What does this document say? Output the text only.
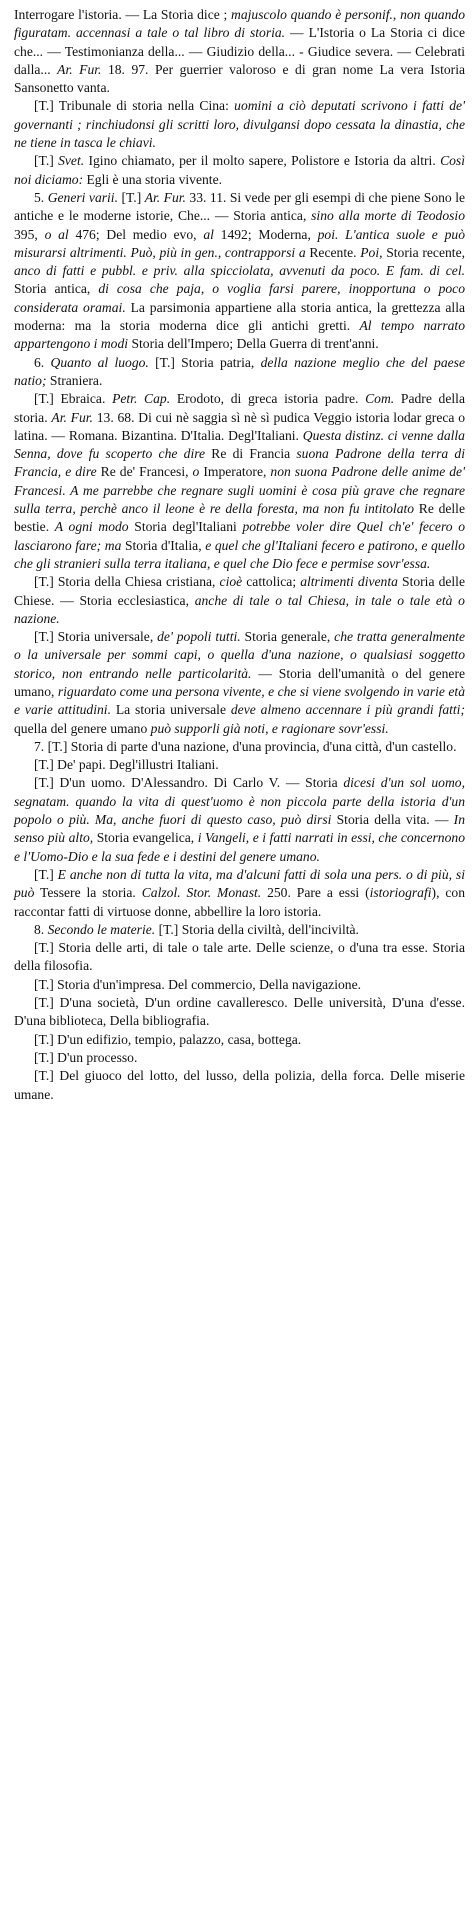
Interrogare l'istoria. — La Storia dice ; majuscolo quando è personif., non quando figuratam. accennasi a tale o tal libro di storia. — L'Istoria o La Storia ci dice che... — Testimonianza della... — Giudizio della... - Giudice severa. — Celebrati dalla... Ar. Fur. 18. 97. Per guerrier valoroso e di gran nome La vera Istoria Sansonetto vanta.

[T.] Tribunale di storia nella Cina: uomini a ciò deputati scrivono i fatti de' governanti ; rinchiudonsi gli scritti loro, divulgansi dopo cessata la dinastia, che ne tiene in tasca le chiavi.

[T.] Svet. Igino chiamato, per il molto sapere, Polistore e Istoria da altri. Così noi diciamo: Egli è una storia vivente.

5. Generi varii. [T.] Ar. Fur. 33. 11. Si vede per gli esempi di che piene Sono le antiche e le moderne istorie, Che... — Storia antica, sino alla morte di Teodosio 395, o al 476; Del medio evo, al 1492; Moderna, poi. L'antica suole e può misurarsi altrimenti. Può, più in gen., contrapporsi a Recente. Poi, Storia recente, anco di fatti e pubbl. e priv. alla spicciolata, avvenuti da poco. E fam. di cel. Storia antica, di cosa che paja, o voglia farsi parere, inopportuna o poco considerata oramai. La parsimonia appartiene alla storia antica, la grettezza alla moderna: ma la storia moderna dice gli antichi gretti. Al tempo narrato appartengono i modi Storia dell'Impero; Della Guerra di trent'anni.

6. Quanto al luogo. [T.] Storia patria, della nazione meglio che del paese natio; Straniera.

[T.] Ebraica. Petr. Cap. Erodoto, di greca istoria padre. Com. Padre della storia. Ar. Fur. 13. 68. Di cui nè saggia sì nè sì pudica Veggio istoria lodar greca o latina. — Romana. Bizantina. D'Italia. Degl'Italiani. Questa distinz. ci venne dalla Senna, dove fu scoperto che dire Re di Francia suona Padrone della terra di Francia, e dire Re de' Francesi, o Imperatore, non suona Padrone delle anime de' Francesi. A me parrebbe che regnare sugli uomini è cosa più grave che regnare sulla terra, perchè anco il leone è re della foresta, ma non fu intitolato Re delle bestie. A ogni modo Storia degl'Italiani potrebbe voler dire Quel ch'e' fecero o lasciarono fare; ma Storia d'Italia, e quel che gl'Italiani fecero e patirono, e quello che gli stranieri sulla terra italiana, e quel che Dio fece e permise sovr'essa.

[T.] Storia della Chiesa cristiana, cioè cattolica; altrimenti diventa Storia delle Chiese. — Storia ecclesiastica, anche di tale o tal Chiesa, in tale o tale età o nazione.

[T.] Storia universale, de' popoli tutti. Storia generale, che tratta generalmente o la universale per sommi capi, o quella d'una nazione, o qualsiasi soggetto storico, non entrando nelle particolarità. — Storia dell'umanità o del genere umano, riguardato come una persona vivente, e che si viene svolgendo in varie età e varie attitudini. La storia universale deve almeno accennare i più grandi fatti; quella del genere umano può supporli già noti, e ragionare sovr'essi.

7. [T.] Storia di parte d'una nazione, d'una provincia, d'una città, d'un castello.

[T.] De' papi. Degl'illustri Italiani.

[T.] D'un uomo. D'Alessandro. Di Carlo V. — Storia dicesi d'un sol uomo, segnatam. quando la vita di quest'uomo è non piccola parte della istoria d'un popolo o più. Ma, anche fuori di questo caso, può dirsi Storia della vita. — In senso più alto, Storia evangelica, i Vangeli, e i fatti narrati in essi, che concernono e l'Uomo-Dio e la sua fede e i destini del genere umano.

[T.] E anche non di tutta la vita, ma d'alcuni fatti di sola una pers. o di più, si può Tessere la storia. Calzol. Stor. Monast. 250. Pare a essi (istoriografi), con raccontar fatti di virtuose donne, abbellire la loro istoria.

8. Secondo le materie. [T.] Storia della civiltà, dell'inciviltà.

[T.] Storia delle arti, di tale o tale arte. Delle scienze, o d'una tra esse. Storia della filosofia.

[T.] Storia d'un'impresa. Del commercio, Della navigazione.

[T.] D'una società, D'un ordine cavalleresco. Delle università, D'una d'esse. D'una biblioteca, Della bibliografia.

[T.] D'un edifizio, tempio, palazzo, casa, bottega.

[T.] D'un processo.

[T.] Del giuoco del lotto, del lusso, della polizia, della forca. Delle miserie umane.
